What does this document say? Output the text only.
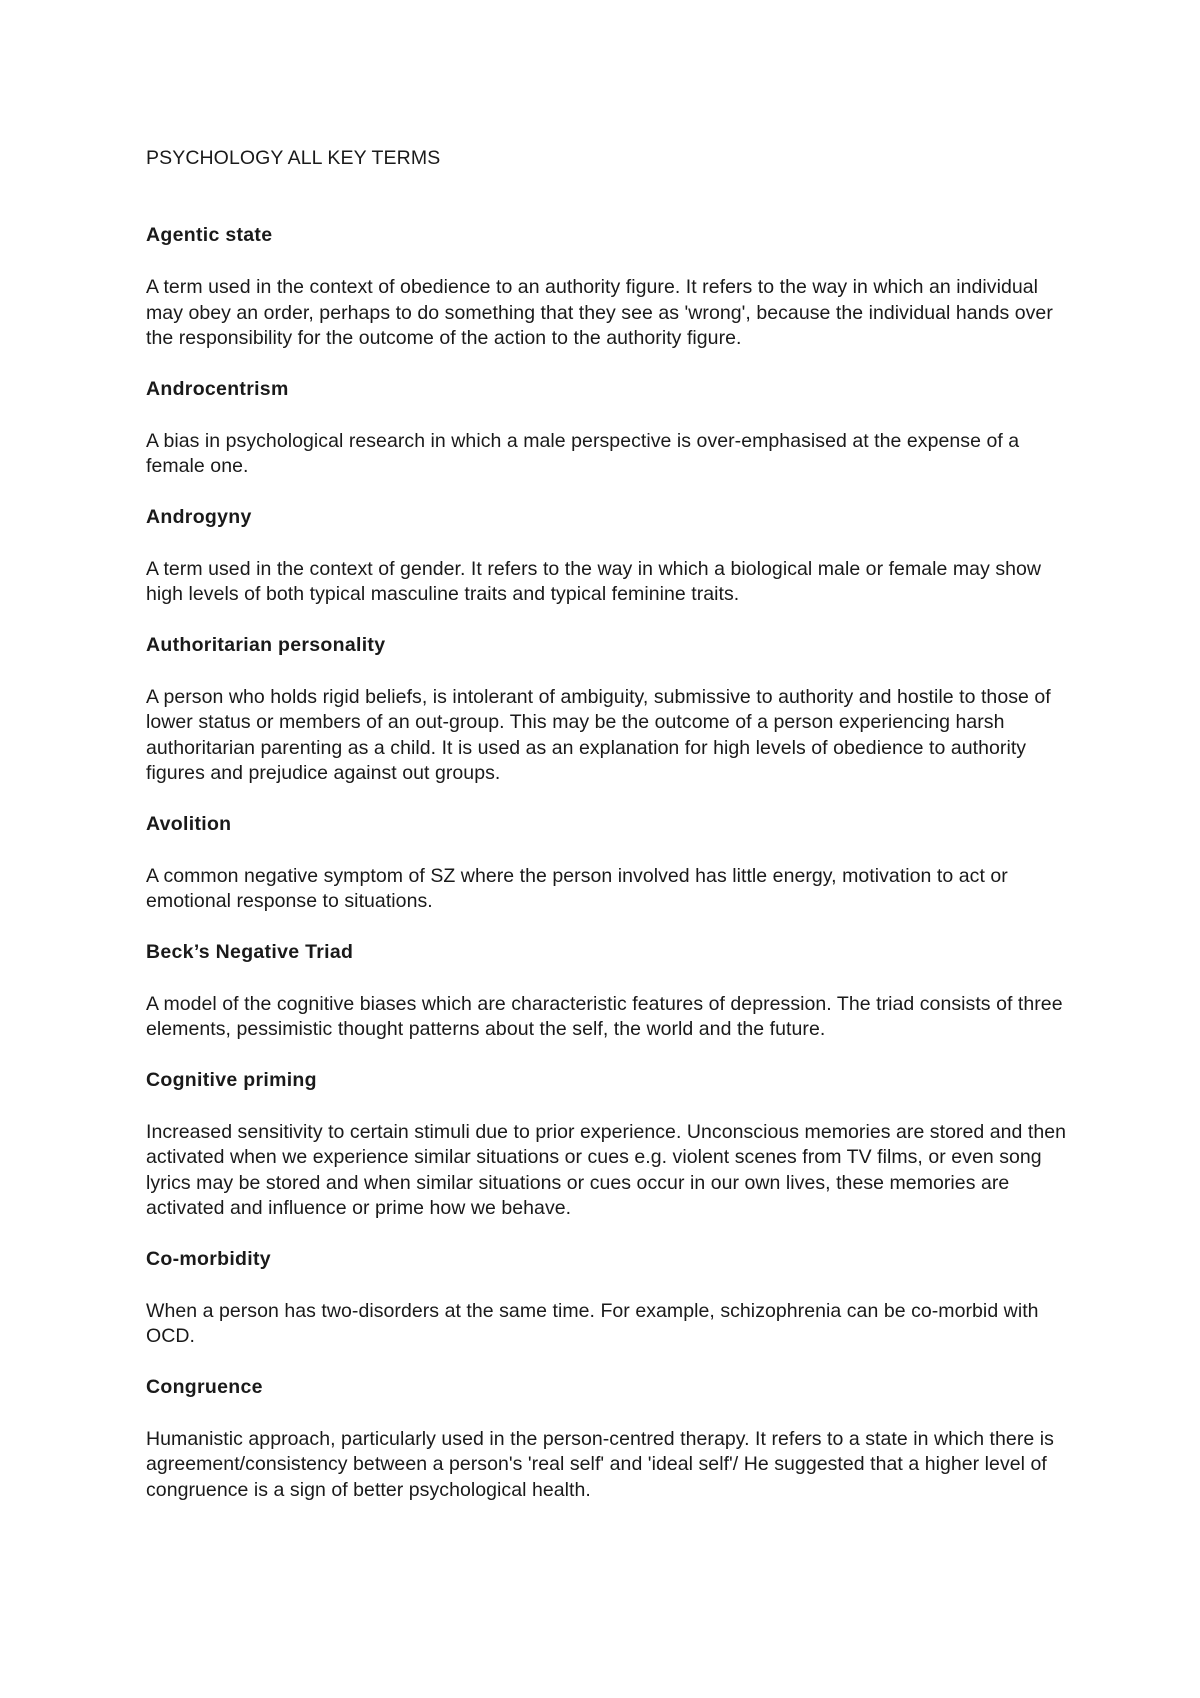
PSYCHOLOGY ALL KEY TERMS
Agentic state
A term used in the context of obedience to an authority figure. It refers to the way in which an individual may obey an order, perhaps to do something that they see as 'wrong', because the individual hands over the responsibility for the outcome of the action to the authority figure.
Androcentrism
A bias in psychological research in which a male perspective is over-emphasised at the expense of a female one.
Androgyny
A term used in the context of gender. It refers to the way in which a biological male or female may show high levels of both typical masculine traits and typical feminine traits.
Authoritarian personality
A person who holds rigid beliefs, is intolerant of ambiguity, submissive to authority and hostile to those of lower status or members of an out-group. This may be the outcome of a person experiencing harsh authoritarian parenting as a child. It is used as an explanation for high levels of obedience to authority figures and prejudice against out groups.
Avolition
A common negative symptom of SZ where the person involved has little energy, motivation to act or emotional response to situations.
Beck’s Negative Triad
A model of the cognitive biases which are characteristic features of depression. The triad consists of three elements, pessimistic thought patterns about the self, the world and the future.
Cognitive priming
Increased sensitivity to certain stimuli due to prior experience. Unconscious memories are stored and then activated when we experience similar situations or cues e.g. violent scenes from TV films, or even song lyrics may be stored and when similar situations or cues occur in our own lives, these memories are activated and influence or prime how we behave.
Co-morbidity
When a person has two-disorders at the same time. For example, schizophrenia can be co-morbid with OCD.
Congruence
Humanistic approach, particularly used in the person-centred therapy. It refers to a state in which there is agreement/consistency between a person's 'real self' and 'ideal self'/ He suggested that a higher level of congruence is a sign of better psychological health.
